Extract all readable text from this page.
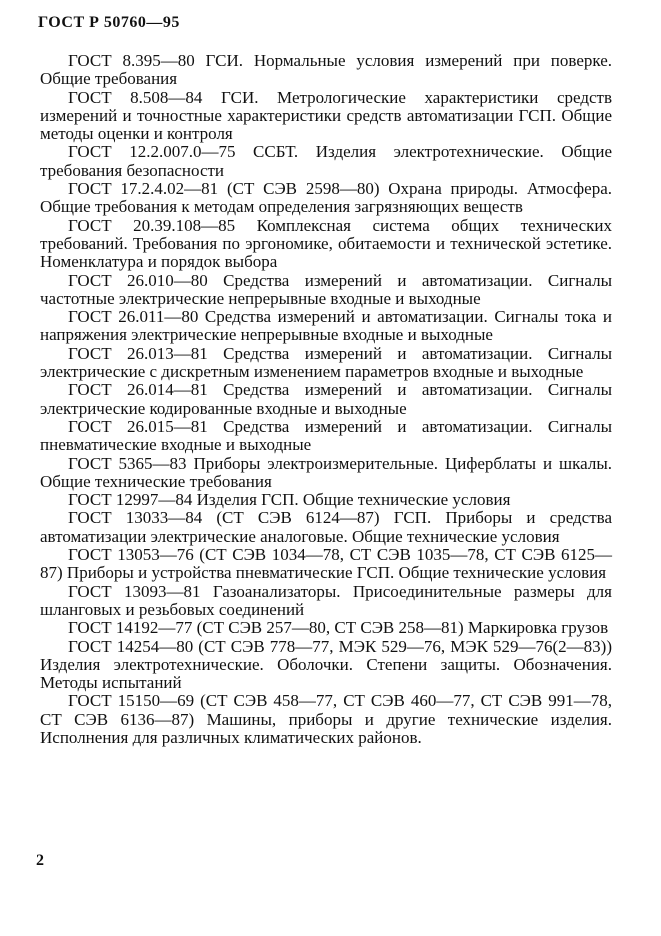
ГОСТ Р 50760—95

ГОСТ 8.395—80 ГСИ. Нормальные условия измерений при поверке. Общие требования

ГОСТ 8.508—84 ГСИ. Метрологические характеристики средств измерений и точностные характеристики средств автоматизации ГСП. Общие методы оценки и контроля

ГОСТ 12.2.007.0—75 ССБТ. Изделия электротехнические. Общие требования безопасности

ГОСТ 17.2.4.02—81 (СТ СЭВ 2598—80) Охрана природы. Атмосфера. Общие требования к методам определения загрязняющих веществ

ГОСТ 20.39.108—85 Комплексная система общих технических требований. Требования по эргономике, обитаемости и технической эстетике. Номенклатура и порядок выбора

ГОСТ 26.010—80 Средства измерений и автоматизации. Сигналы частотные электрические непрерывные входные и выходные

ГОСТ 26.011—80 Средства измерений и автоматизации. Сигналы тока и напряжения электрические непрерывные входные и выходные

ГОСТ 26.013—81 Средства измерений и автоматизации. Сигналы электрические с дискретным изменением параметров входные и выходные

ГОСТ 26.014—81 Средства измерений и автоматизации. Сигналы электрические кодированные входные и выходные

ГОСТ 26.015—81 Средства измерений и автоматизации. Сигналы пневматические входные и выходные

ГОСТ 5365—83 Приборы электроизмерительные. Циферблаты и шкалы. Общие технические требования

ГОСТ 12997—84 Изделия ГСП. Общие технические условия

ГОСТ 13033—84 (СТ СЭВ 6124—87) ГСП. Приборы и средства автоматизации электрические аналоговые. Общие технические условия

ГОСТ 13053—76 (СТ СЭВ 1034—78, СТ СЭВ 1035—78, СТ СЭВ 6125—87) Приборы и устройства пневматические ГСП. Общие технические условия

ГОСТ 13093—81 Газоанализаторы. Присоединительные размеры для шланговых и резьбовых соединений

ГОСТ 14192—77 (СТ СЭВ 257—80, СТ СЭВ 258—81) Маркировка грузов

ГОСТ 14254—80 (СТ СЭВ 778—77, МЭК 529—76, МЭК 529—76(2—83)) Изделия электротехнические. Оболочки. Степени защиты. Обозначения. Методы испытаний

ГОСТ 15150—69 (СТ СЭВ 458—77, СТ СЭВ 460—77, СТ СЭВ 991—78, СТ СЭВ 6136—87) Машины, приборы и другие технические изделия. Исполнения для различных климатических районов.

2
